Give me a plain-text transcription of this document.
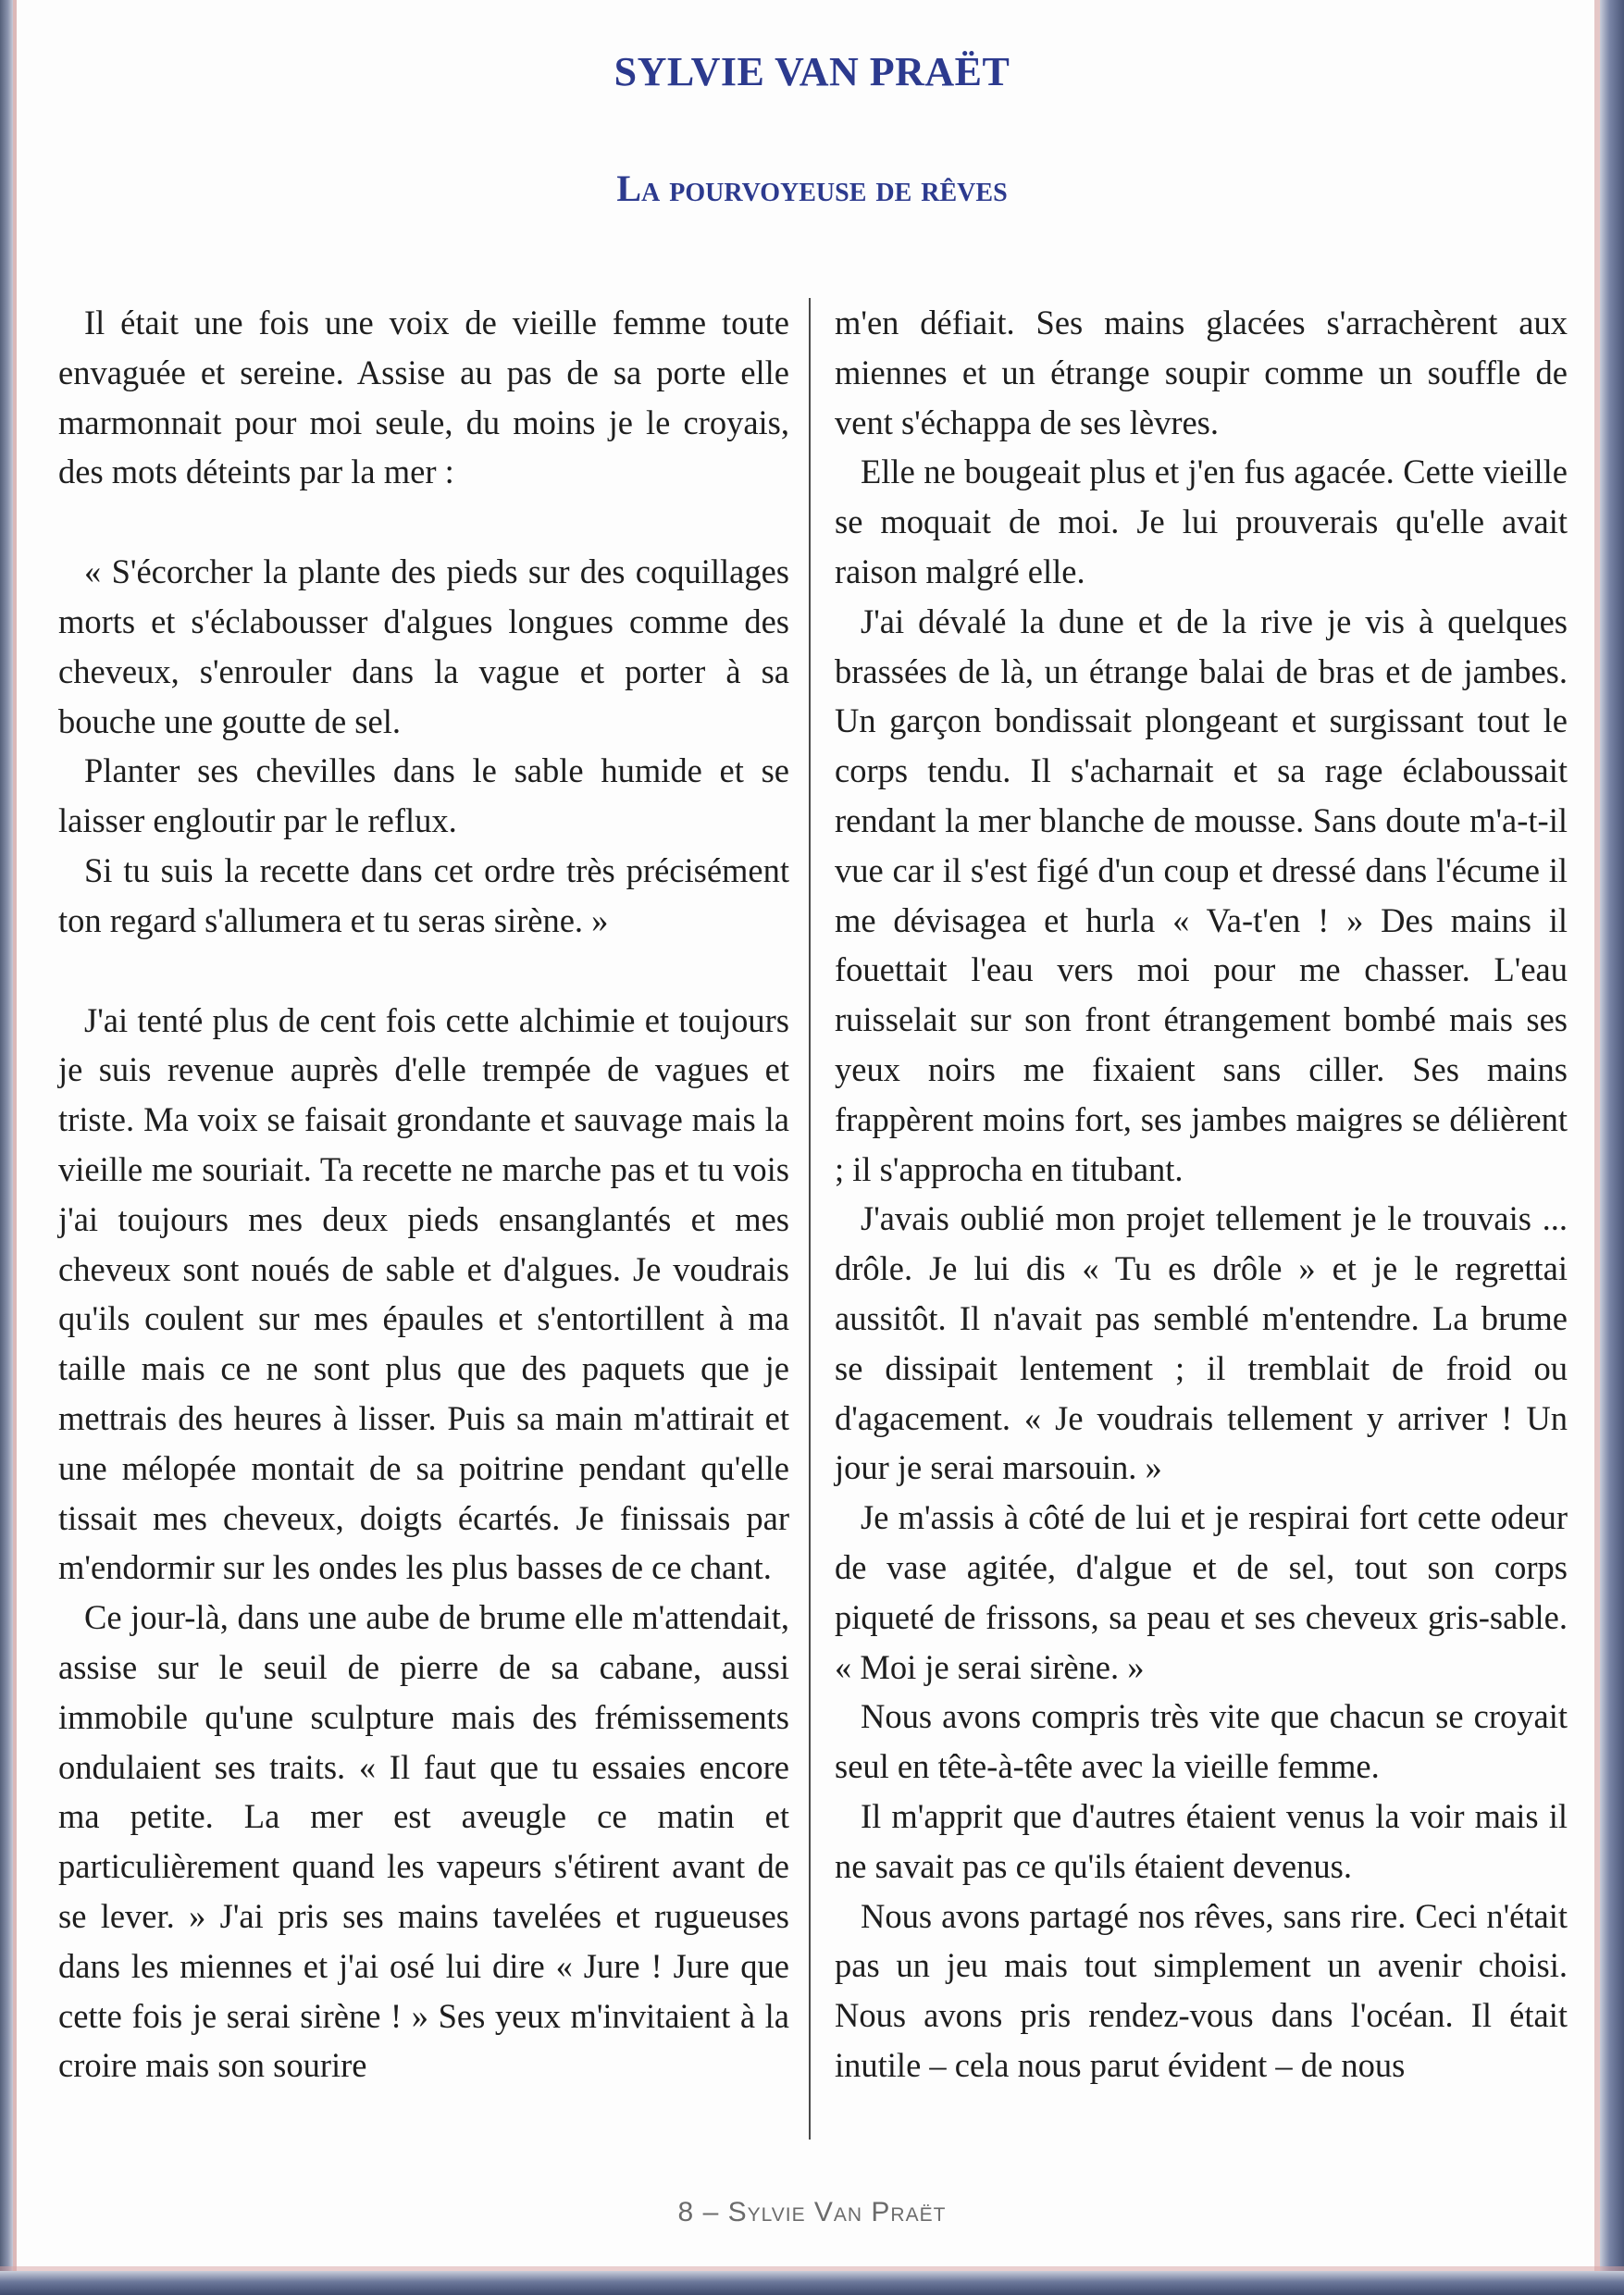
SYLVIE VAN PRAËT
La pourvoyeuse de rêves

Il était une fois une voix de vieille femme toute envaguée et sereine. Assise au pas de sa porte elle marmonnait pour moi seule, du moins je le croyais, des mots déteints par la mer :

« S'écorcher la plante des pieds sur des coquillages morts et s'éclabousser d'algues longues comme des cheveux, s'enrouler dans la vague et porter à sa bouche une goutte de sel.

Planter ses chevilles dans le sable humide et se laisser engloutir par le reflux.

Si tu suis la recette dans cet ordre très précisément ton regard s'allumera et tu seras sirène. »

J'ai tenté plus de cent fois cette alchimie et toujours je suis revenue auprès d'elle trempée de vagues et triste. Ma voix se faisait grondante et sauvage mais la vieille me souriait. Ta recette ne marche pas et tu vois j'ai toujours mes deux pieds ensanglantés et mes cheveux sont noués de sable et d'algues. Je voudrais qu'ils coulent sur mes épaules et s'entortillent à ma taille mais ce ne sont plus que des paquets que je mettrais des heures à lisser. Puis sa main m'attirait et une mélopée montait de sa poitrine pendant qu'elle tissait mes cheveux, doigts écartés. Je finissais par m'endormir sur les ondes les plus basses de ce chant.

Ce jour-là, dans une aube de brume elle m'attendait, assise sur le seuil de pierre de sa cabane, aussi immobile qu'une sculpture mais des frémissements ondulaient ses traits. « Il faut que tu essaies encore ma petite. La mer est aveugle ce matin et particulièrement quand les vapeurs s'étirent avant de se lever. » J'ai pris ses mains tavelées et rugueuses dans les miennes et j'ai osé lui dire « Jure ! Jure que cette fois je serai sirène ! » Ses yeux m'invitaient à la croire mais son sourire

m'en défiait. Ses mains glacées s'arrachèrent aux miennes et un étrange soupir comme un souffle de vent s'échappa de ses lèvres.

Elle ne bougeait plus et j'en fus agacée. Cette vieille se moquait de moi. Je lui prouverais qu'elle avait raison malgré elle.

J'ai dévalé la dune et de la rive je vis à quelques brassées de là, un étrange balai de bras et de jambes. Un garçon bondissait plongeant et surgissant tout le corps tendu. Il s'acharnait et sa rage éclaboussait rendant la mer blanche de mousse. Sans doute m'a-t-il vue car il s'est figé d'un coup et dressé dans l'écume il me dévisagea et hurla « Va-t'en ! » Des mains il fouettait l'eau vers moi pour me chasser. L'eau ruisselait sur son front étrangement bombé mais ses yeux noirs me fixaient sans ciller. Ses mains frappèrent moins fort, ses jambes maigres se délièrent ; il s'approcha en titubant.

J'avais oublié mon projet tellement je le trouvais ... drôle. Je lui dis « Tu es drôle » et je le regrettai aussitôt. Il n'avait pas semblé m'entendre. La brume se dissipait lentement ; il tremblait de froid ou d'agacement. « Je voudrais tellement y arriver ! Un jour je serai marsouin. »

Je m'assis à côté de lui et je respirai fort cette odeur de vase agitée, d'algue et de sel, tout son corps piqueté de frissons, sa peau et ses cheveux gris-sable. « Moi je serai sirène. »

Nous avons compris très vite que chacun se croyait seul en tête-à-tête avec la vieille femme.

Il m'apprit que d'autres étaient venus la voir mais il ne savait pas ce qu'ils étaient devenus.

Nous avons partagé nos rêves, sans rire. Ceci n'était pas un jeu mais tout simplement un avenir choisi. Nous avons pris rendez-vous dans l'océan. Il était inutile – cela nous parut évident – de nous

8 – Sylvie Van Praët
